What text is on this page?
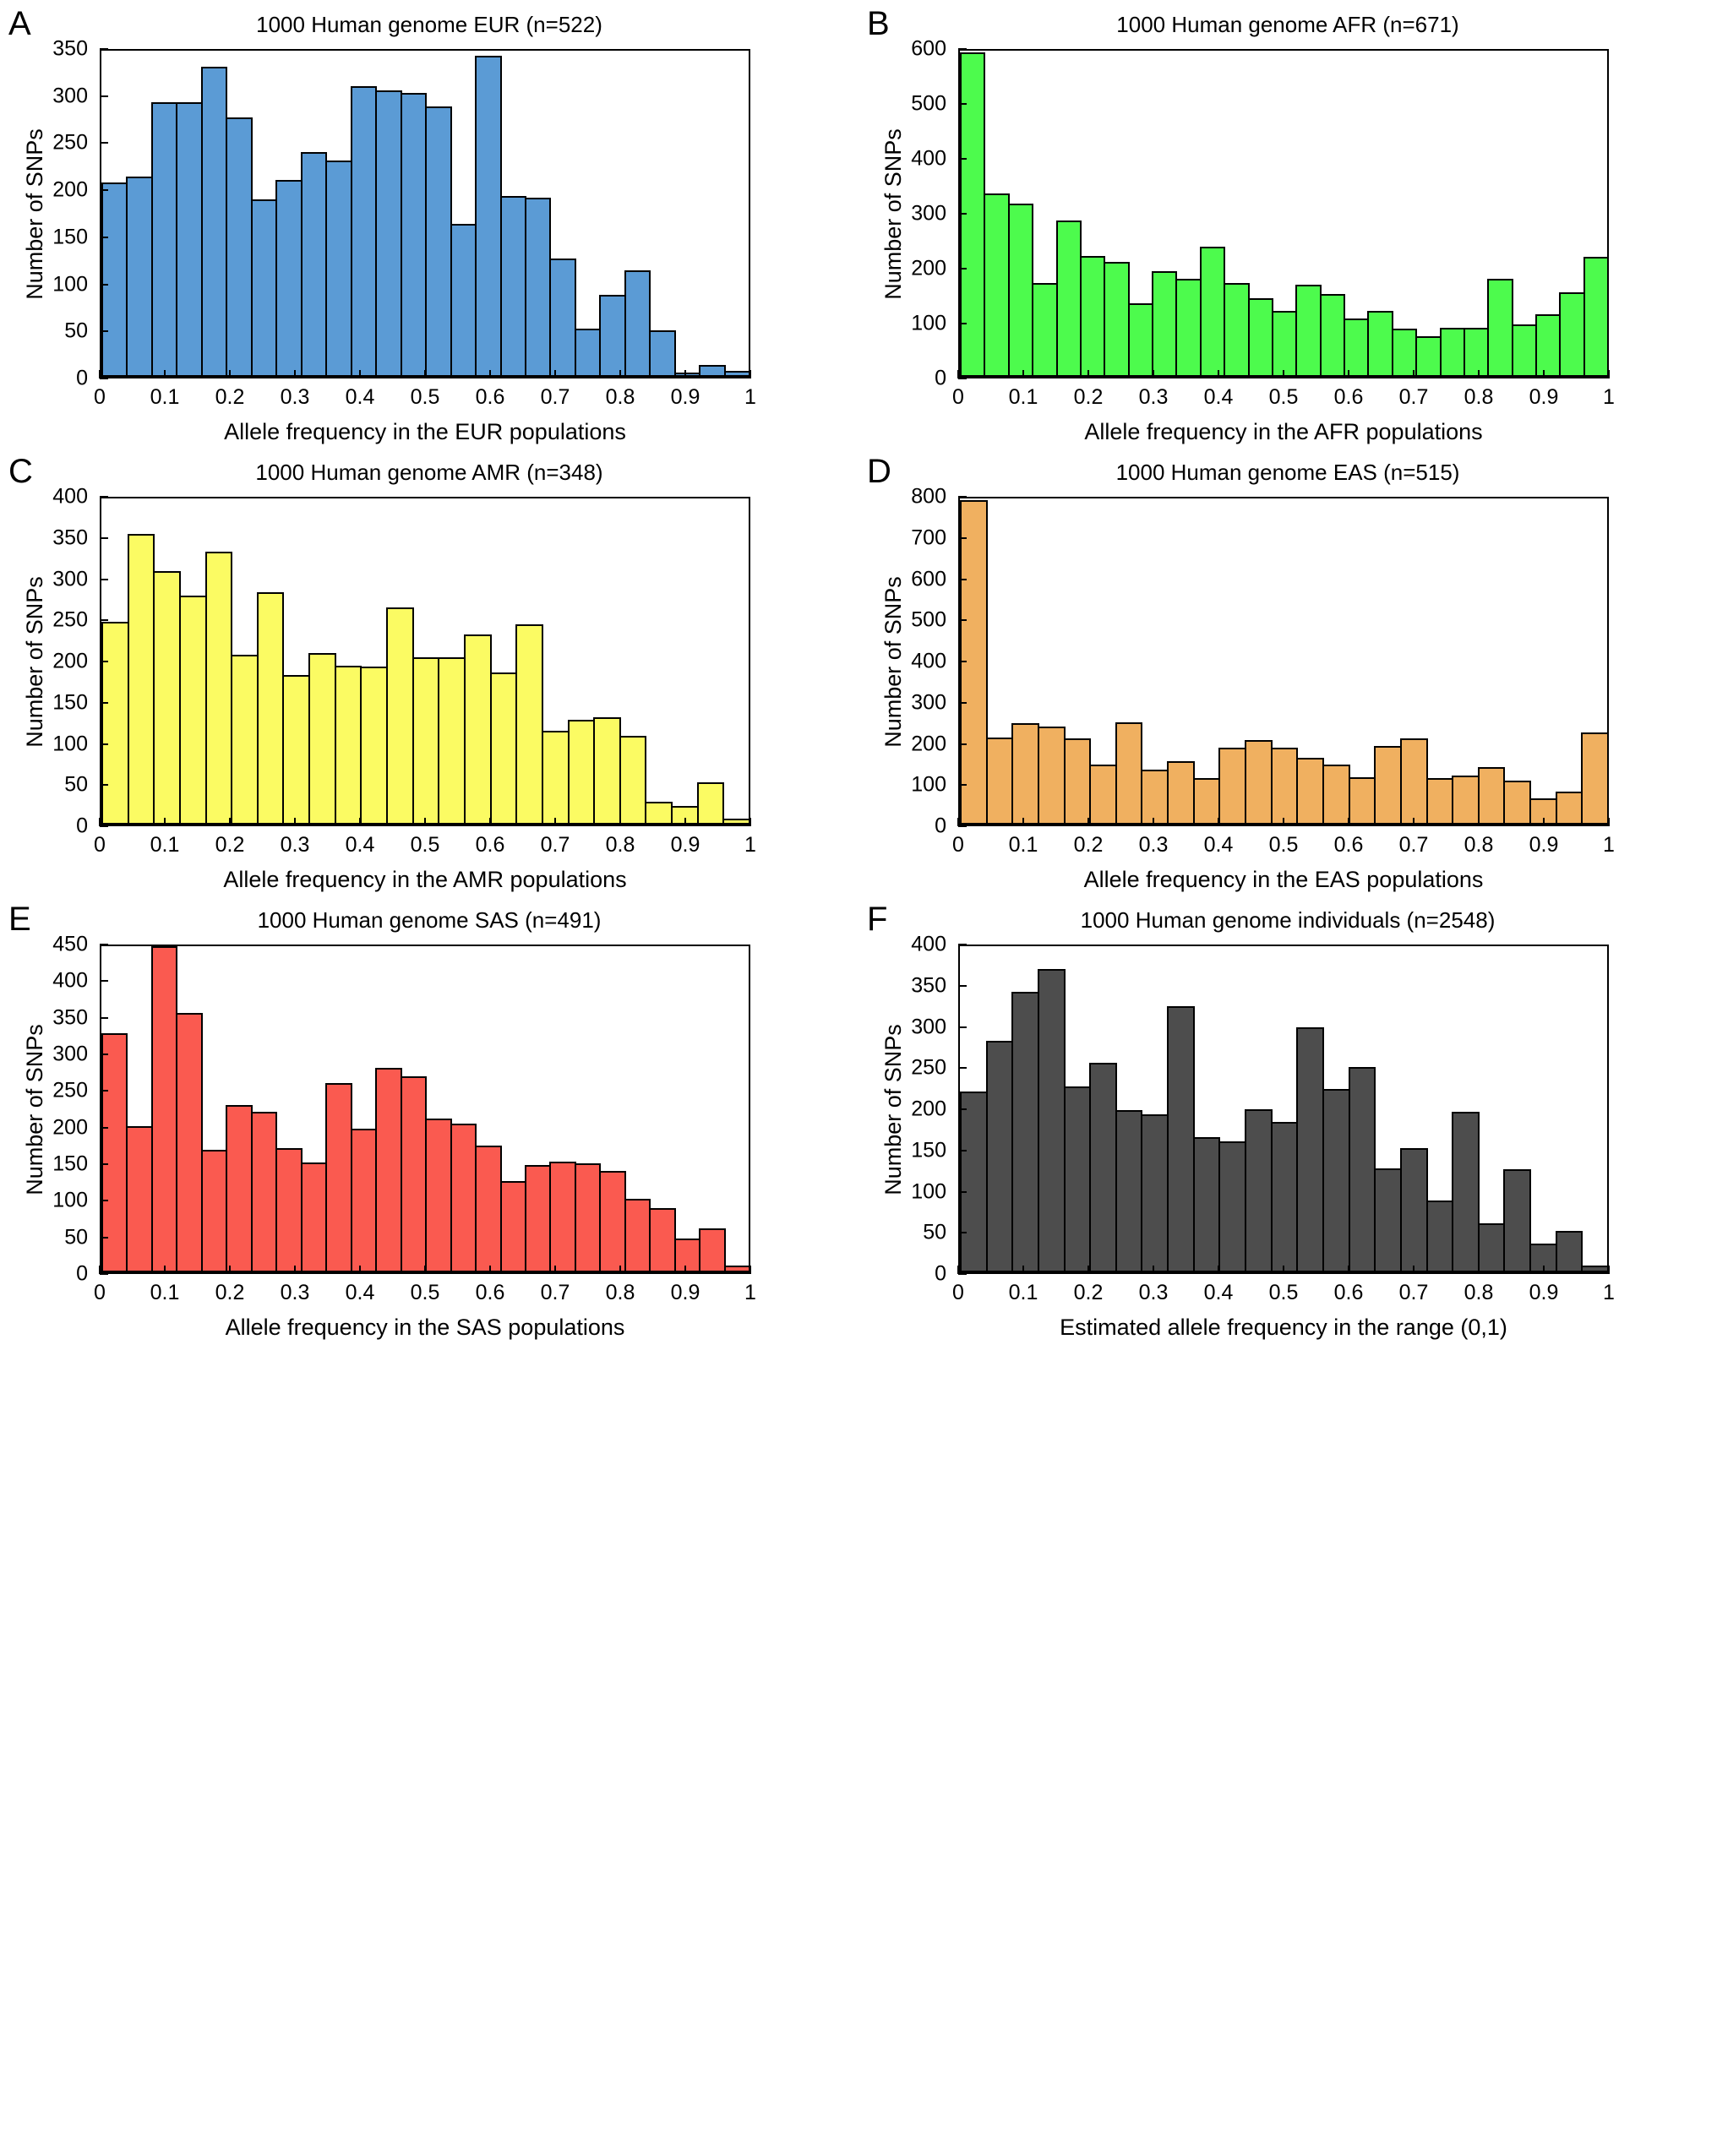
A	1000 Human genome EUR (n=522)
Number of SNPs
0
50
100
150
200
250
300
350
0 0.1 0.2 0.3 0.4 0.5 0.6 0.7 0.8 0.9 1
Allele frequency in the EUR populations
B	1000 Human genome AFR (n=671)
Number of SNPs
0
100
200
300
400
500
600
0 0.1 0.2 0.3 0.4 0.5 0.6 0.7 0.8 0.9 1
Allele frequency in the AFR populations
C	1000 Human genome AMR (n=348)
Number of SNPs
0
50
100
150
200
250
300
350
400
0 0.1 0.2 0.3 0.4 0.5 0.6 0.7 0.8 0.9 1
Allele frequency in the AMR populations
D	1000 Human genome EAS (n=515)
Number of SNPs
0
100
200
300
400
500
600
700
800
0 0.1 0.2 0.3 0.4 0.5 0.6 0.7 0.8 0.9 1
Allele frequency in the EAS populations
E	1000 Human genome SAS (n=491)
Number of SNPs
0
50
100
150
200
250
300
350
400
450
0 0.1 0.2 0.3 0.4 0.5 0.6 0.7 0.8 0.9 1
Allele frequency in the SAS populations
F	1000 Human genome individuals (n=2548)
Number of SNPs
0
50
100
150
200
250
300
350
400
0 0.1 0.2 0.3 0.4 0.5 0.6 0.7 0.8 0.9 1
Estimated allele frequency in the range (0,1)
